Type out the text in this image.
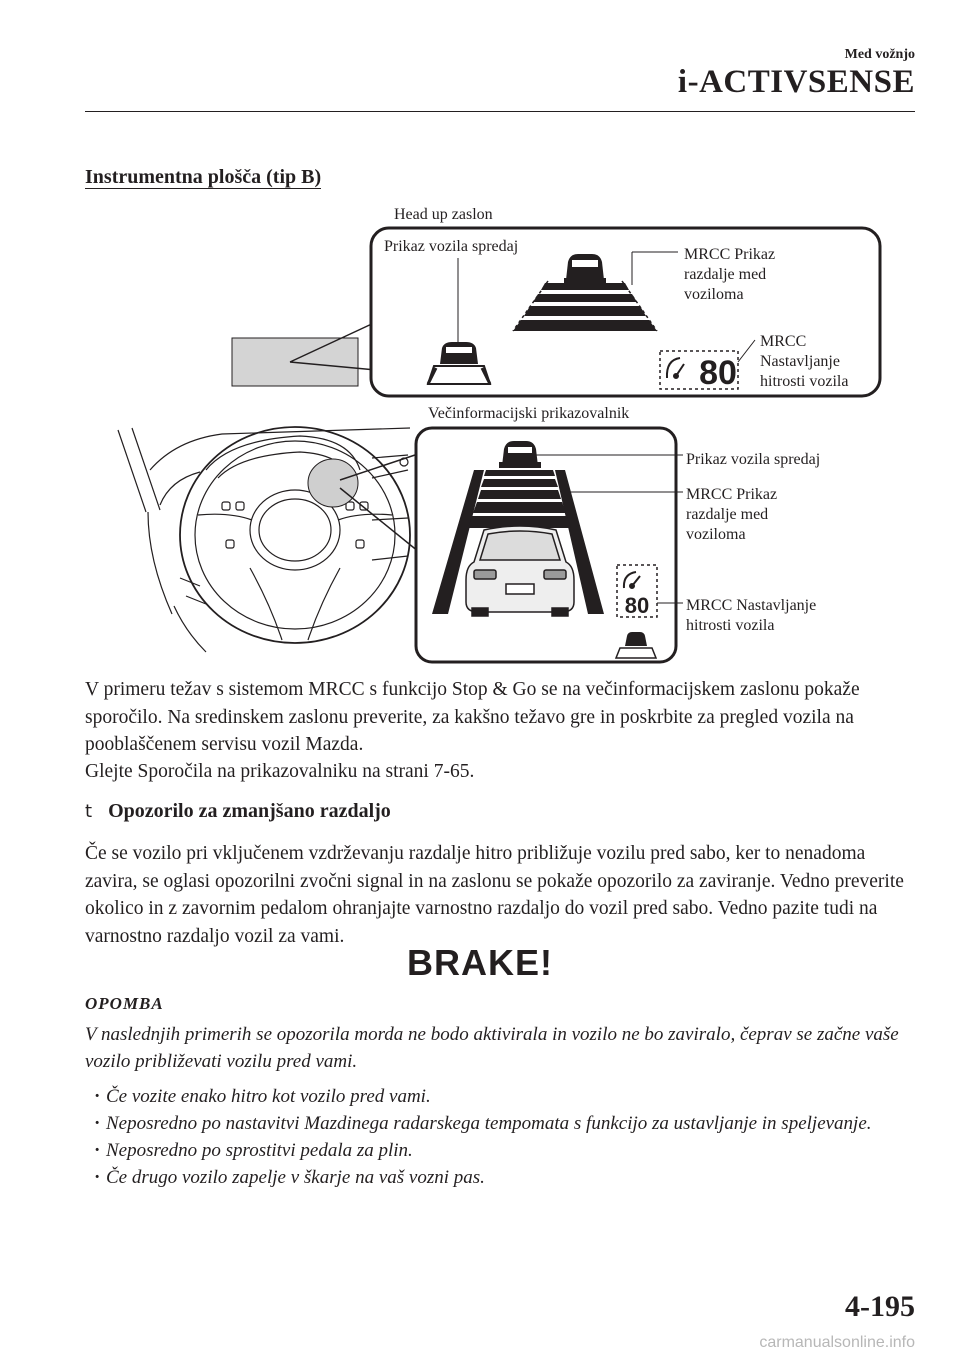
Med vožnjo
i-ACTIVSENSE
Instrumentna plošča (tip B)
80
80
Head up zaslon
Prikaz vozila spredaj	MRCC Prikaz
razdalje med
voziloma
MRCC
Nastavljanje
hitrosti vozila
Večinformacijski prikazovalnik
Prikaz vozila spredaj
MRCC Prikaz
razdalje med
voziloma
MRCC Nastavljanje
hitrosti vozila
V primeru težav s sistemom MRCC s funkcijo Stop & Go se na večinformacijskem zaslonu pokaže sporočilo. Na sredinskem zaslonu preverite, za kakšno težavo gre in poskrbite za pregled vozila na pooblaščenem servisu vozil Mazda.
Glejte Sporočila na prikazovalniku na strani 7-65.
t Opozorilo za zmanjšano razdaljo
Če se vozilo pri vključenem vzdrževanju razdalje hitro približuje vozilu pred sabo, ker to nenadoma zavira, se oglasi opozorilni zvočni signal in na zaslonu se pokaže opozorilo za zaviranje. Vedno preverite okolico in z zavornim pedalom ohranjajte varnostno razdaljo do vozil pred sabo. Vedno pazite tudi na varnostno razdaljo vozil za vami.
BRAKE!
OPOMBA
V naslednjih primerih se opozorila morda ne bodo aktivirala in vozilo ne bo zaviralo, čeprav se začne vaše vozilo približevati vozilu pred vami.
· Če vozite enako hitro kot vozilo pred vami.
· Neposredno po nastavitvi Mazdinega radarskega tempomata s funkcijo za ustavljanje in speljevanje.
· Neposredno po sprostitvi pedala za plin.
· Če drugo vozilo zapelje v škarje na vaš vozni pas.
4-195
carmanualsonline.info
